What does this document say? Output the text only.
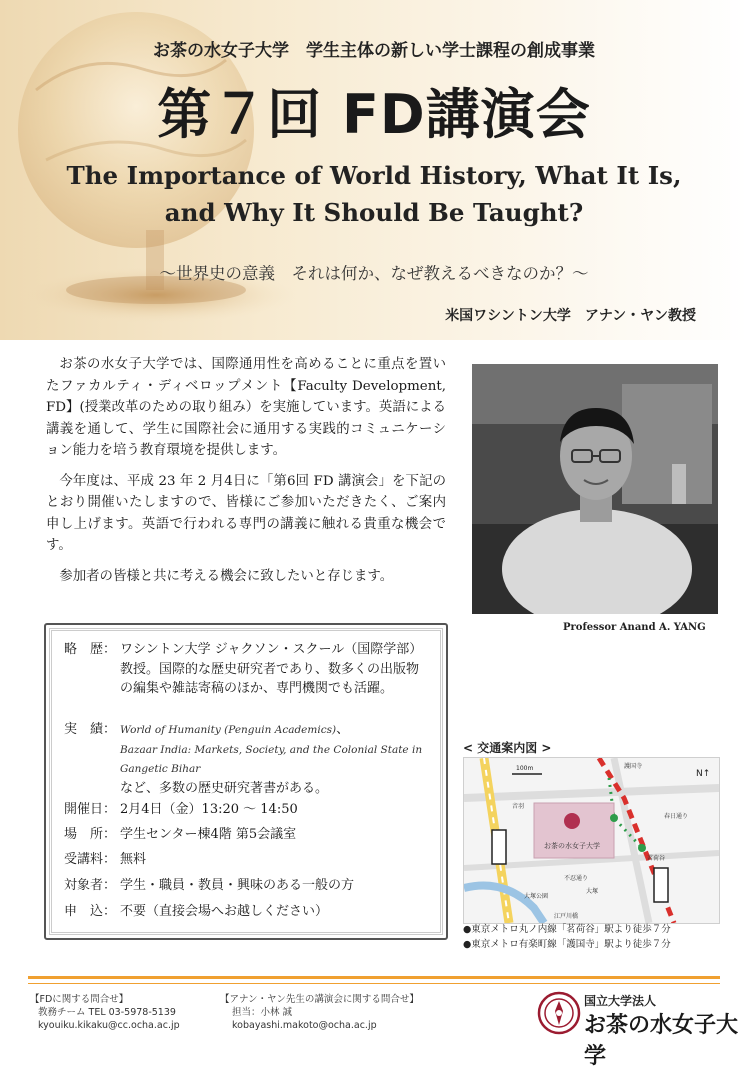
お茶の水女子大学　学生主体の新しい学士課程の創成事業
第７回 FD講演会
The Importance of World History, What It Is,
and Why It Should Be Taught?
～世界史の意義　それは何か、なぜ教えるべきなのか？～
米国ワシントン大学　アナン・ヤン教授

お茶の水女子大学では、国際通用性を高めることに重点を置いたファカルティ・ディベロップメント【Faculty Development, FD】(授業改革のための取り組み）を実施しています。英語による講義を通して、学生に国際社会に通用する実践的コミュニケーション能力を培う教育環境を提供します。

今年度は、平成 23 年 2 月4日に「第6回 FD 講演会」を下記のとおり開催いたしますので、皆様にご参加いただきたく、ご案内申し上げます。英語で行われる専門の講義に触れる貴重な機会です。

参加者の皆様と共に考える機会に致したいと存じます。

Professor Anand A. YANG
略　歴： ワシントン大学 ジャクソン・スクール（国際学部）教授。国際的な歴史研究者であり、数多くの出版物の編集や雑誌寄稿のほか、専門機関でも活躍。
実　績： World of Humanity (Penguin Academics)、
Bazaar India: Markets, Society, and the Colonial State in Gangetic Bihar
など、多数の歴史研究著書がある。
開催日： 2月4日（金）13:20 ～ 14:50
場　所： 学生センター棟4階 第5会議室
受講料： 無料
対象者： 学生・職員・教員・興味のある一般の方
申　込： 不要（直接会場へお越しください）
< 交通案内図 >
お茶の水女子大学
100m
N↑
護国寺
茗荷谷
音羽
春日通り
不忍通り
大塚
大塚公園
江戸川橋
●東京メトロ丸ノ内線「茗荷谷」駅より徒歩７分
●東京メトロ有楽町線「護国寺」駅より徒歩７分
【FDに関する問合せ】
教務チーム TEL 03-5978-5139
kyouiku.kikaku@cc.ocha.ac.jp
【アナン・ヤン先生の講演会に関する問合せ】
担当：小林 誠
kobayashi.makoto@ocha.ac.jp
国立大学法人
お茶の水女子大学
